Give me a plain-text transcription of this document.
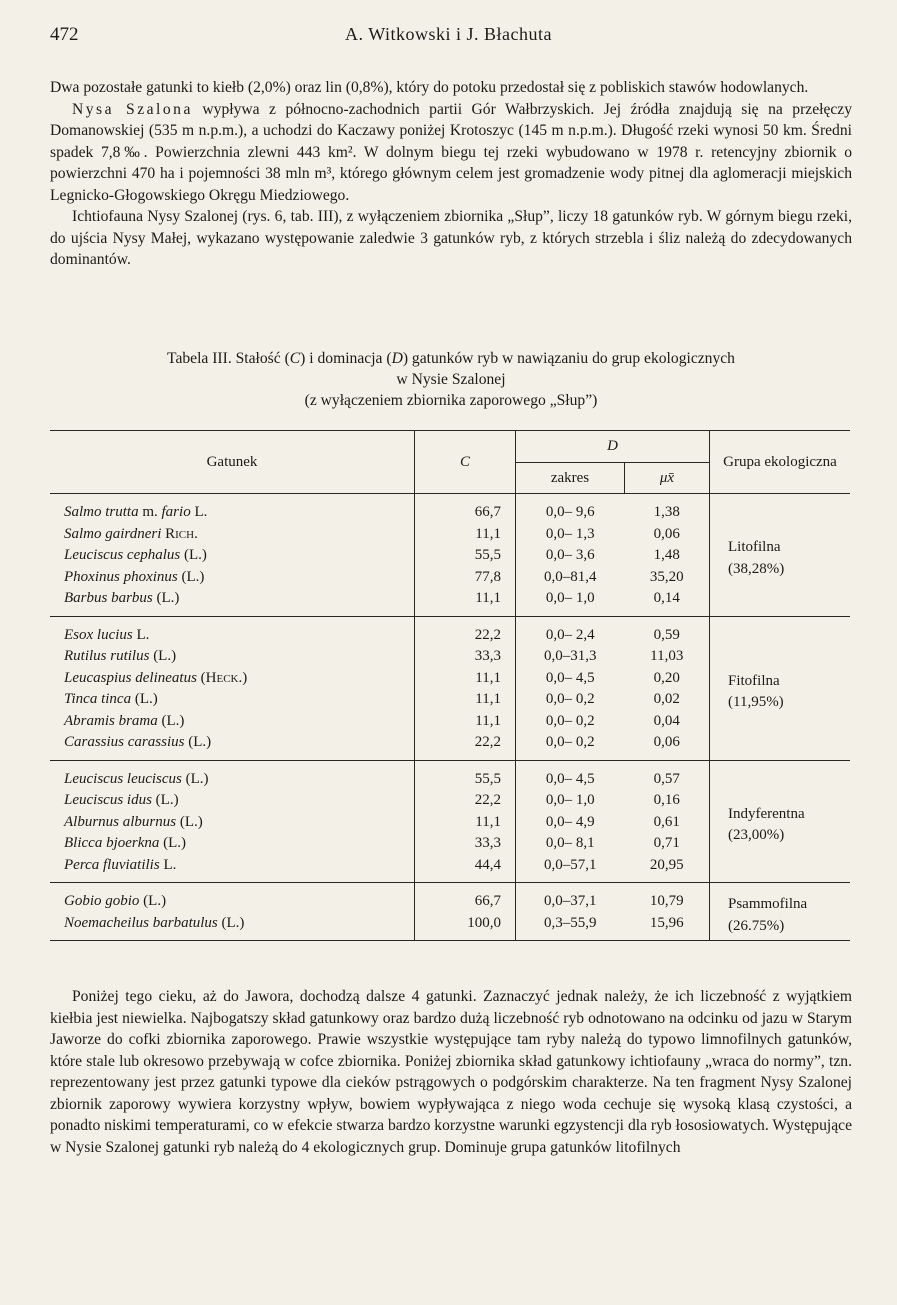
472	A. Witkowski i J. Błachuta

Dwa pozostałe gatunki to kiełb (2,0%) oraz lin (0,8%), który do potoku przedostał się z pobliskich stawów hodowlanych.

Nysa Szalona wypływa z północno-zachodnich partii Gór Wałbrzyskich. Jej źródła znajdują się na przełęczy Domanowskiej (535 m n.p.m.), a uchodzi do Kaczawy poniżej Krotoszyc (145 m n.p.m.). Długość rzeki wynosi 50 km. Średni spadek 7,8‰. Powierzchnia zlewni 443 km². W dolnym biegu tej rzeki wybudowano w 1978 r. retencyjny zbiornik o powierzchni 470 ha i pojemności 38 mln m³, którego głównym celem jest gromadzenie wody pitnej dla aglomeracji miejskich Legnicko-Głogowskiego Okręgu Miedziowego.

Ichtiofauna Nysy Szalonej (rys. 6, tab. III), z wyłączeniem zbiornika „Słup”, liczy 18 gatunków ryb. W górnym biegu rzeki, do ujścia Nysy Małej, wykazano występowanie zaledwie 3 gatunków ryb, z których strzebla i śliz należą do zdecydowanych dominantów.

Tabela III. Stałość (C) i dominacja (D) gatunków ryb w nawiązaniu do grup ekologicznych
w Nysie Szalonej
(z wyłączeniem zbiornika zaporowego „Słup”)
Gatunek	C	D		Grupa ekologiczna
		zakres	μx̄	
Salmo trutta m. fario L.	66,7	0,0– 9,6	1,38	Litofilna
(38,28%)

Salmo gairdneri Rich.	11,1	0,0– 1,3	0,06	
Leuciscus cephalus (L.)	55,5	0,0– 3,6	1,48	
Phoxinus phoxinus (L.)	77,8	0,0–81,4	35,20	
Barbus barbus (L.)	11,1	0,0– 1,0	0,14	
Esox lucius L.	22,2	0,0– 2,4	0,59	Fitofilna
(11,95%)

Rutilus rutilus (L.)	33,3	0,0–31,3	11,03	
Leucaspius delineatus (Heck.)	11,1	0,0– 4,5	0,20	
Tinca tinca (L.)	11,1	0,0– 0,2	0,02	
Abramis brama (L.)	11,1	0,0– 0,2	0,04	
Carassius carassius (L.)	22,2	0,0– 0,2	0,06	
Leuciscus leuciscus (L.)	55,5	0,0– 4,5	0,57	Indyferentna
(23,00%)

Leuciscus idus (L.)	22,2	0,0– 1,0	0,16	
Alburnus alburnus (L.)	11,1	0,0– 4,9	0,61	
Blicca bjoerkna (L.)	33,3	0,0– 8,1	0,71	
Perca fluviatilis L.	44,4	0,0–57,1	20,95	
Gobio gobio (L.)	66,7	0,0–37,1	10,79	Psammofilna
(26.75%)

Noemacheilus barbatulus (L.)	100,0	0,3–55,9	15,96	

Poniżej tego cieku, aż do Jawora, dochodzą dalsze 4 gatunki. Zaznaczyć jednak należy, że ich liczebność z wyjątkiem kiełbia jest niewielka. Najbogatszy skład gatunkowy oraz bardzo dużą liczebność ryb odnotowano na odcinku od jazu w Starym Jaworze do cofki zbiornika zaporowego. Prawie wszystkie występujące tam ryby należą do typowo limnofilnych gatunków, które stale lub okresowo przebywają w cofce zbiornika. Poniżej zbiornika skład gatunkowy ichtiofauny „wraca do normy”, tzn. reprezentowany jest przez gatunki typowe dla cieków pstrągowych o podgórskim charakterze. Na ten fragment Nysy Szalonej zbiornik zaporowy wywiera korzystny wpływ, bowiem wypływająca z niego woda cechuje się wysoką klasą czystości, a ponadto niskimi temperaturami, co w efekcie stwarza bardzo korzystne warunki egzystencji dla ryb łososiowatych. Występujące w Nysie Szalonej gatunki ryb należą do 4 ekologicznych grup. Dominuje grupa gatunków litofilnych
